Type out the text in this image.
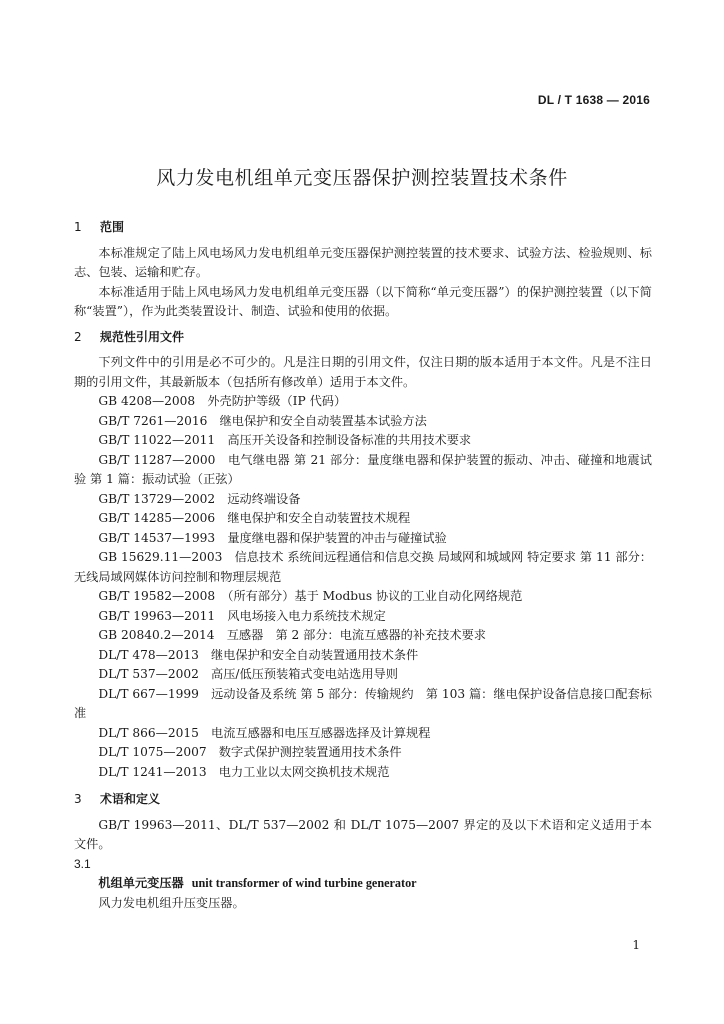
DL / T 1638 — 2016
风力发电机组单元变压器保护测控装置技术条件
1 范围

本标准规定了陆上风电场风力发电机组单元变压器保护测控装置的技术要求、试验方法、检验规则、标志、包装、运输和贮存。

本标准适用于陆上风电场风力发电机组单元变压器（以下简称“单元变压器”）的保护测控装置（以下简称“装置”），作为此类装置设计、制造、试验和使用的依据。

2 规范性引用文件

下列文件中的引用是必不可少的。凡是注日期的引用文件，仅注日期的版本适用于本文件。凡是不注日期的引用文件，其最新版本（包括所有修改单）适用于本文件。

GB 4208—2008　外壳防护等级（IP 代码）
GB/T 7261—2016　继电保护和安全自动装置基本试验方法
GB/T 11022—2011　高压开关设备和控制设备标准的共用技术要求
GB/T 11287—2000　电气继电器 第 21 部分：量度继电器和保护装置的振动、冲击、碰撞和地震试验 第 1 篇：振动试验（正弦）
GB/T 13729—2002　远动终端设备
GB/T 14285—2006　继电保护和安全自动装置技术规程
GB/T 14537—1993　量度继电器和保护装置的冲击与碰撞试验
GB 15629.11—2003　信息技术 系统间远程通信和信息交换 局域网和城域网 特定要求 第 11 部分：无线局域网媒体访问控制和物理层规范
GB/T 19582—2008　（所有部分）基于 Modbus 协议的工业自动化网络规范
GB/T 19963—2011　风电场接入电力系统技术规定
GB 20840.2—2014　互感器　第 2 部分：电流互感器的补充技术要求
DL/T 478—2013　继电保护和安全自动装置通用技术条件
DL/T 537—2002　高压/低压预装箱式变电站选用导则
DL/T 667—1999　远动设备及系统 第 5 部分：传输规约　第 103 篇：继电保护设备信息接口配套标准
DL/T 866—2015　电流互感器和电压互感器选择及计算规程
DL/T 1075—2007　数字式保护测控装置通用技术条件
DL/T 1241—2013　电力工业以太网交换机技术规范
3 术语和定义

GB/T 19963—2011、DL/T 537—2002 和 DL/T 1075—2007 界定的及以下术语和定义适用于本文件。

3.1
机组单元变压器 unit transformer of wind turbine generator

风力发电机组升压变压器。

1
